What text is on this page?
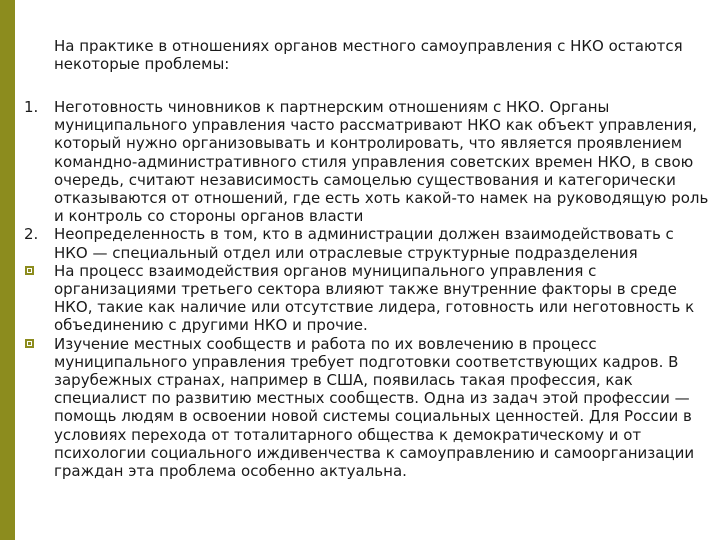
На практике в отношениях органов местного самоуправления с НКО остаются некоторые проблемы:

1. Неготовность чиновников к партнерским отношениям с НКО. Органы муниципального управления часто рассматривают НКО как объект управления, который нужно организовывать и контролировать, что является проявлением командно-административного стиля управления советских времен НКО, в свою очередь, считают независимость самоцелью существования и категорически отказываются от отношений, где есть хоть какой-то намек на руководящую роль и контроль со стороны органов власти
2. Неопределенность в том, кто в администрации должен взаимодействовать с НКО — специальный отдел или отраслевые структурные подразделения
На процесс взаимодействия органов муниципального управления с организациями третьего сектора влияют также внутренние факторы в среде НКО, такие как наличие или отсутствие лидера, готовность или неготовность к объединению с другими НКО и прочие.
Изучение местных сообществ и работа по их вовлечению в процесс муниципального управления требует подготовки соответствующих кадров. В зарубежных странах, например в США, появилась такая профессия, как специалист по развитию местных сообществ. Одна из задач этой профессии — помощь людям в освоении новой системы социальных ценностей. Для России в условиях перехода от тоталитарного общества к демократическому и от психологии социального иждивенчества к самоуправлению и самоорганизации граждан эта проблема особенно актуальна.
